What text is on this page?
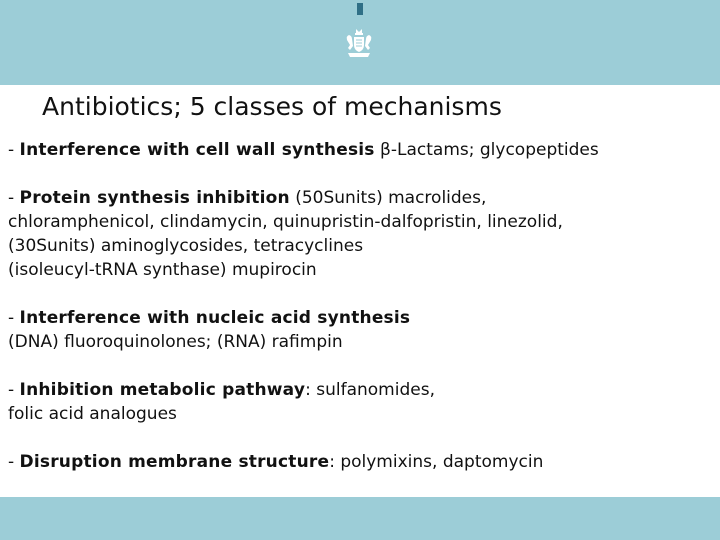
Antibiotics; 5 classes of mechanisms
- Interference with cell wall synthesis β-Lactams; glycopeptides
- Protein synthesis inhibition (50Sunits) macrolides,
chloramphenicol, clindamycin, quinupristin-dalfopristin, linezolid,
(30Sunits) aminoglycosides, tetracyclines
(isoleucyl-tRNA synthase) mupirocin
- Interference with nucleic acid synthesis
(DNA) fluoroquinolones; (RNA) rafimpin
- Inhibition metabolic pathway: sulfanomides,
folic acid analogues
- Disruption membrane structure: polymixins, daptomycin
